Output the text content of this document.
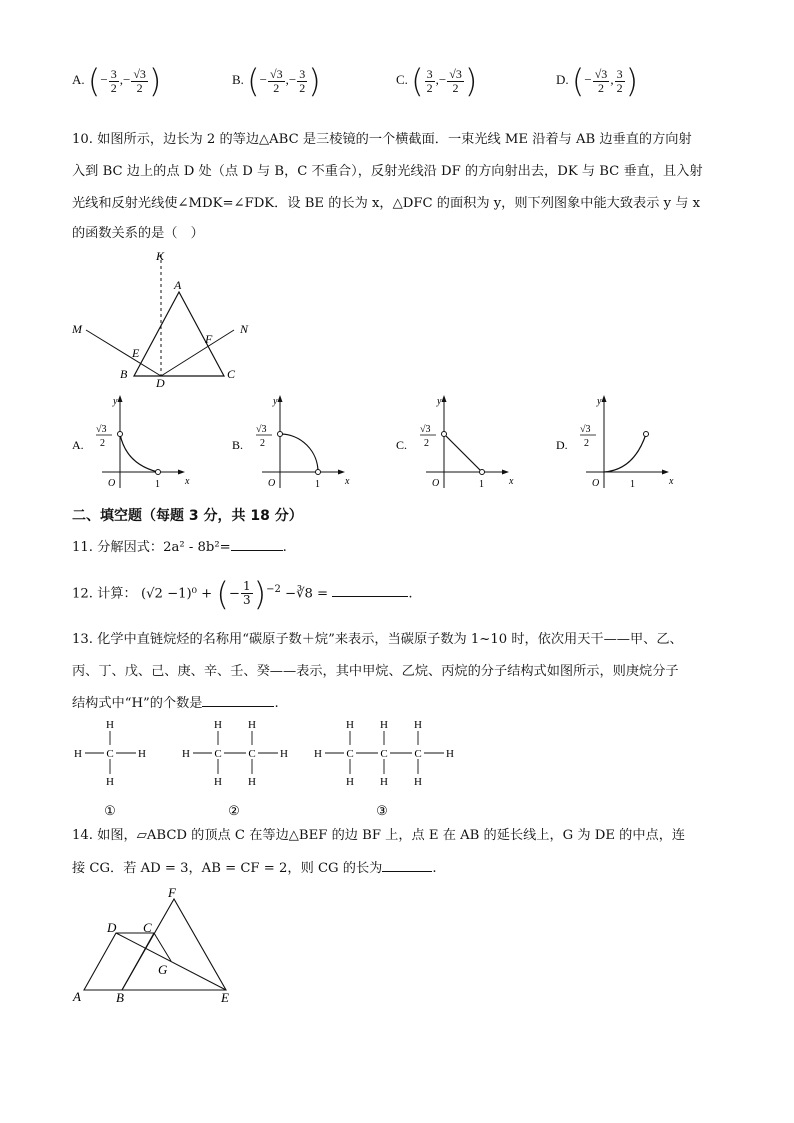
A. (− $\frac{3}{2}$ ,− $\frac{√3}{2}$ )	B. (− $\frac{√3}{2}$ ,− $\frac{3}{2}$ )	C. ( $\frac{3}{2}$ ,− $\frac{√3}{2}$ )	D. (− $\frac{√3}{2}$ , $\frac{3}{2}$ )
10. 如图所示，边长为 2 的等边△ABC 是三棱镜的一个横截面．一束光线 ME 沿着与 AB 边垂直的方向射
入到 BC 边上的点 D 处（点 D 与 B，C 不重合），反射光线沿 DF 的方向射出去，DK 与 BC 垂直，且入射
光线和反射光线使∠MDK=∠FDK．设 BE 的长为 x，△DFC 的面积为 y，则下列图象中能大致表示 y 与 x
的函数关系的是（　）
K
A
M	N
E
F
B
D
C
A.
y
x
O	1
√3
2	B.
y
x
O	1
√3
2	C.
y
x
O	1
√3
2	D.
y
x
O	1
√3
2
二、填空题（每题 3 分，共 18 分）
11. 分解因式：2a² - 8b²=	.
12. 计算： (√2 −1)⁰ + (− $\frac{1}{3} )^{-2}$ −∛8 =	.
13. 化学中直链烷烃的名称用“碳原子数＋烷”来表示，当碳原子数为 1~10 时，依次用天干——甲、乙、
丙、丁、戊、己、庚、辛、壬、癸——表示，其中甲烷、乙烷、丙烷的分子结构式如图所示，则庚烷分子
结构式中“H”的个数是	.
H C
H
H
H
①
H C
H
H
C
H
H
H
②
H C
H
H
C
H
H
C
H
H
H
③
14. 如图，▱ABCD 的顶点 C 在等边△BEF 的边 BF 上，点 E 在 AB 的延长线上，G 为 DE 的中点，连
接 CG．若 AD = 3，AB = CF = 2，则 CG 的长为	.
F
D C
G
A	B	E
